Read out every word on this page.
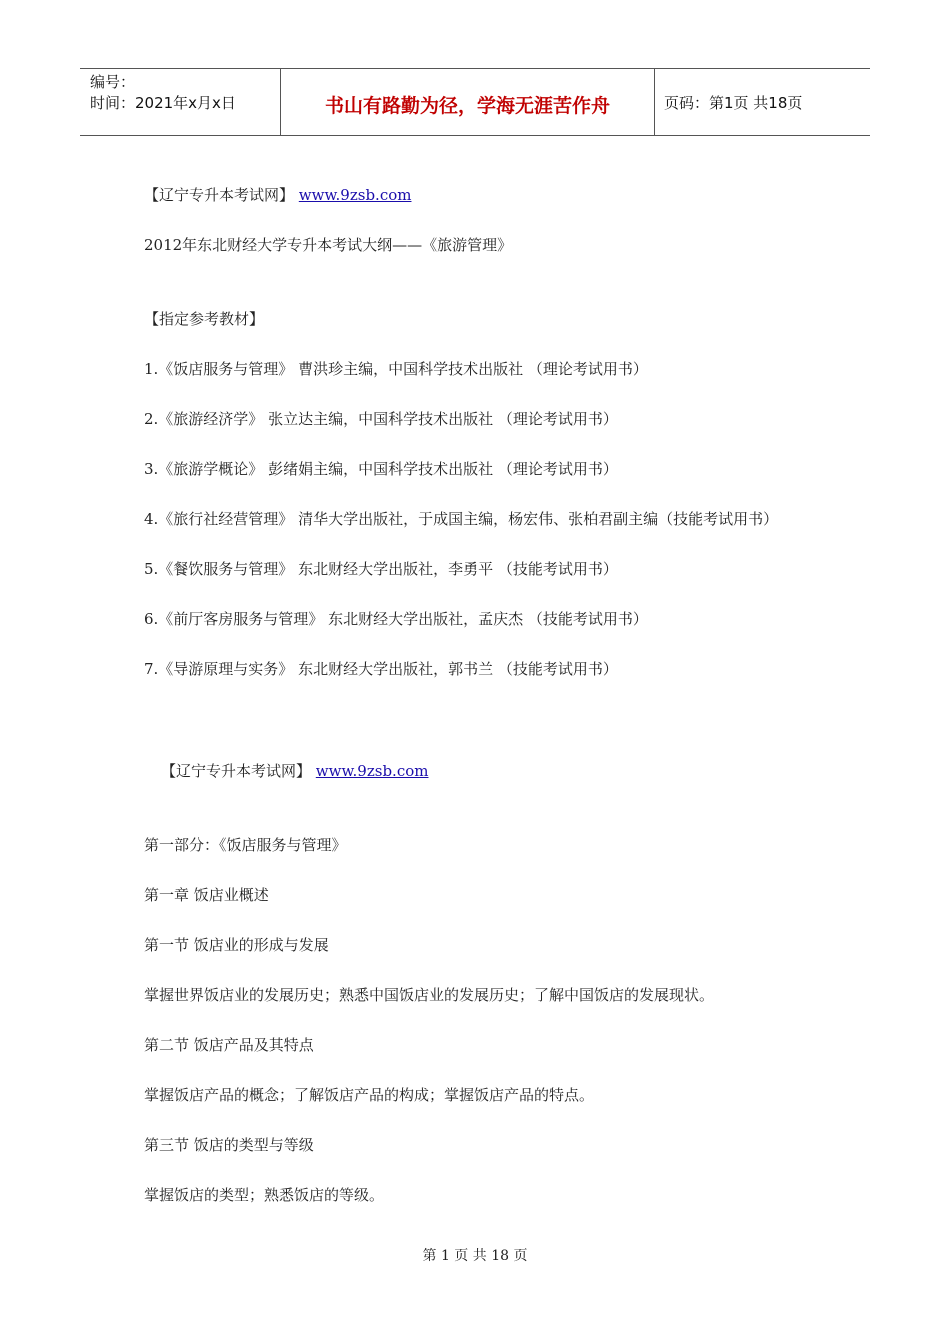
编号：
时间：2021年x月x日	书山有路勤为径，学海无涯苦作舟	页码：第1页 共18页

【辽宁专升本考试网】 www.9zsb.com

2012年东北财经大学专升本考试大纲——《旅游管理》

【指定参考教材】

1.《饭店服务与管理》 曹洪珍主编，中国科学技术出版社 （理论考试用书）

2.《旅游经济学》 张立达主编，中国科学技术出版社 （理论考试用书）

3.《旅游学概论》 彭绪娟主编，中国科学技术出版社 （理论考试用书）

4.《旅行社经营管理》 清华大学出版社，于成国主编，杨宏伟、张柏君副主编（技能考试用书）

5.《餐饮服务与管理》 东北财经大学出版社，李勇平 （技能考试用书）

6.《前厅客房服务与管理》 东北财经大学出版社，孟庆杰 （技能考试用书）

7.《导游原理与实务》 东北财经大学出版社，郭书兰 （技能考试用书）

【辽宁专升本考试网】 www.9zsb.com

第一部分：《饭店服务与管理》

第一章 饭店业概述

第一节 饭店业的形成与发展

掌握世界饭店业的发展历史；熟悉中国饭店业的发展历史；了解中国饭店的发展现状。

第二节 饭店产品及其特点

掌握饭店产品的概念；了解饭店产品的构成；掌握饭店产品的特点。

第三节 饭店的类型与等级

掌握饭店的类型；熟悉饭店的等级。

第 1 页 共 18 页
